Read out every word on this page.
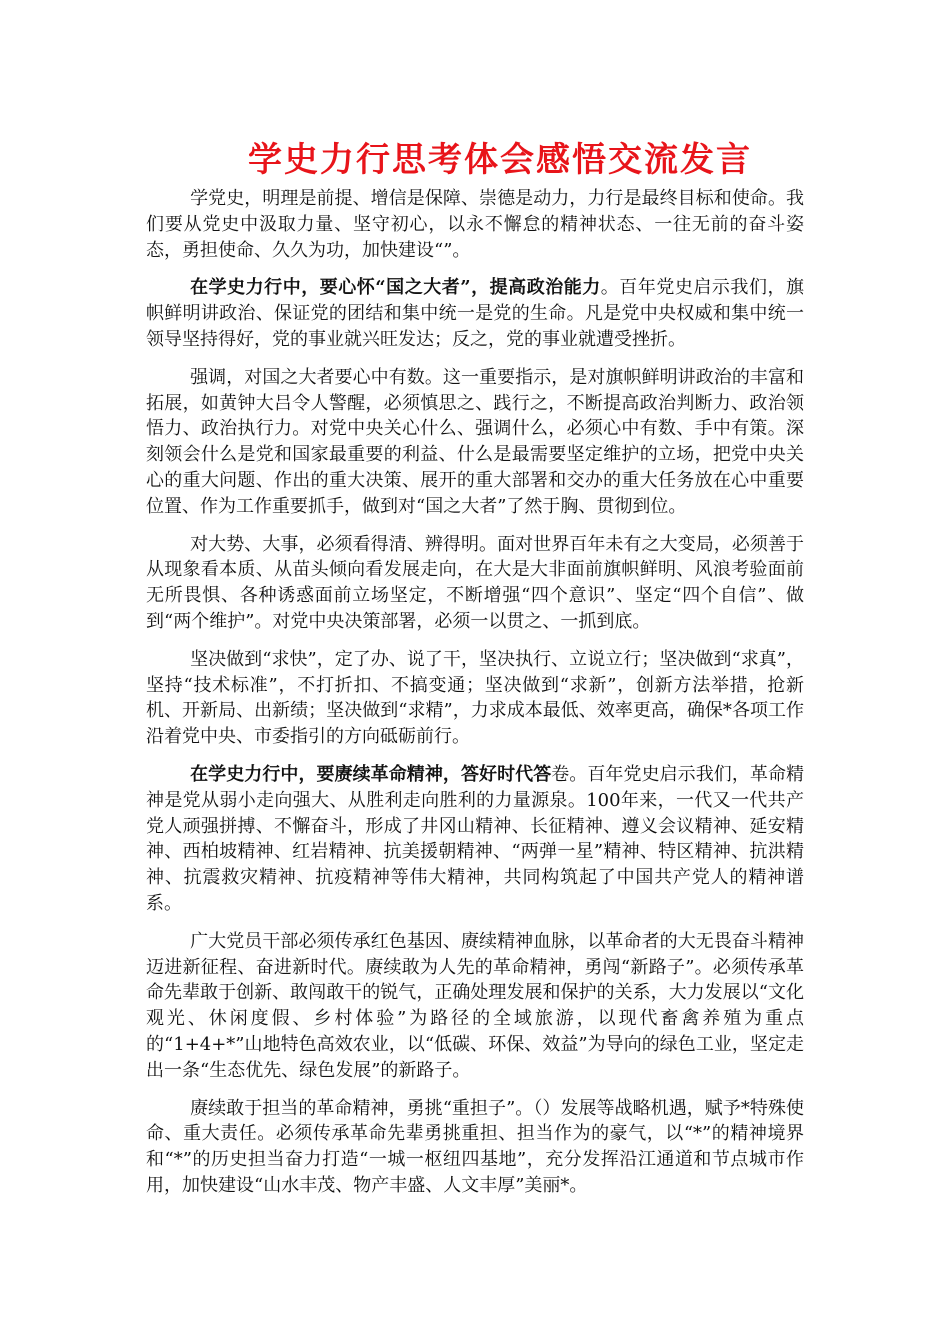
学史力行思考体会感悟交流发言

学党史，明理是前提、增信是保障、崇德是动力，力行是最终目标和使命。我们要从党史中汲取力量、坚守初心，以永不懈怠的精神状态、一往无前的奋斗姿态，勇担使命、久久为功，加快建设“”。

在学史力行中，要心怀“国之大者”，提高政治能力。百年党史启示我们，旗帜鲜明讲政治、保证党的团结和集中统一是党的生命。凡是党中央权威和集中统一领导坚持得好，党的事业就兴旺发达；反之，党的事业就遭受挫折。

强调，对国之大者要心中有数。这一重要指示，是对旗帜鲜明讲政治的丰富和拓展，如黄钟大吕令人警醒，必须慎思之、践行之，不断提高政治判断力、政治领悟力、政治执行力。对党中央关心什么、强调什么，必须心中有数、手中有策。深刻领会什么是党和国家最重要的利益、什么是最需要坚定维护的立场，把党中央关心的重大问题、作出的重大决策、展开的重大部署和交办的重大任务放在心中重要位置、作为工作重要抓手，做到对“国之大者”了然于胸、贯彻到位。

对大势、大事，必须看得清、辨得明。面对世界百年未有之大变局，必须善于从现象看本质、从苗头倾向看发展走向，在大是大非面前旗帜鲜明、风浪考验面前无所畏惧、各种诱惑面前立场坚定，不断增强“四个意识”、坚定“四个自信”、做到“两个维护”。对党中央决策部署，必须一以贯之、一抓到底。

坚决做到“求快”，定了办、说了干，坚决执行、立说立行；坚决做到“求真”，坚持“技术标准”，不打折扣、不搞变通；坚决做到“求新”，创新方法举措，抢新机、开新局、出新绩；坚决做到“求精”，力求成本最低、效率更高，确保*各项工作沿着党中央、市委指引的方向砥砺前行。

在学史力行中，要赓续革命精神，答好时代答卷。百年党史启示我们，革命精神是党从弱小走向强大、从胜利走向胜利的力量源泉。100年来，一代又一代共产党人顽强拼搏、不懈奋斗，形成了井冈山精神、长征精神、遵义会议精神、延安精神、西柏坡精神、红岩精神、抗美援朝精神、“两弹一星”精神、特区精神、抗洪精神、抗震救灾精神、抗疫精神等伟大精神，共同构筑起了中国共产党人的精神谱系。

广大党员干部必须传承红色基因、赓续精神血脉，以革命者的大无畏奋斗精神迈进新征程、奋进新时代。赓续敢为人先的革命精神，勇闯“新路子”。必须传承革命先辈敢于创新、敢闯敢干的锐气，正确处理发展和保护的关系，大力发展以“文化观光、休闲度假、乡村体验”为路径的全域旅游，以现代畜禽养殖为重点的“1+4+*”山地特色高效农业，以“低碳、环保、效益”为导向的绿色工业，坚定走出一条“生态优先、绿色发展”的新路子。

赓续敢于担当的革命精神，勇挑“重担子”。（）发展等战略机遇，赋予*特殊使命、重大责任。必须传承革命先辈勇挑重担、担当作为的豪气，以“*”的精神境界和“*”的历史担当奋力打造“一城一枢纽四基地”，充分发挥沿江通道和节点城市作用，加快建设“山水丰茂、物产丰盛、人文丰厚”美丽*。
